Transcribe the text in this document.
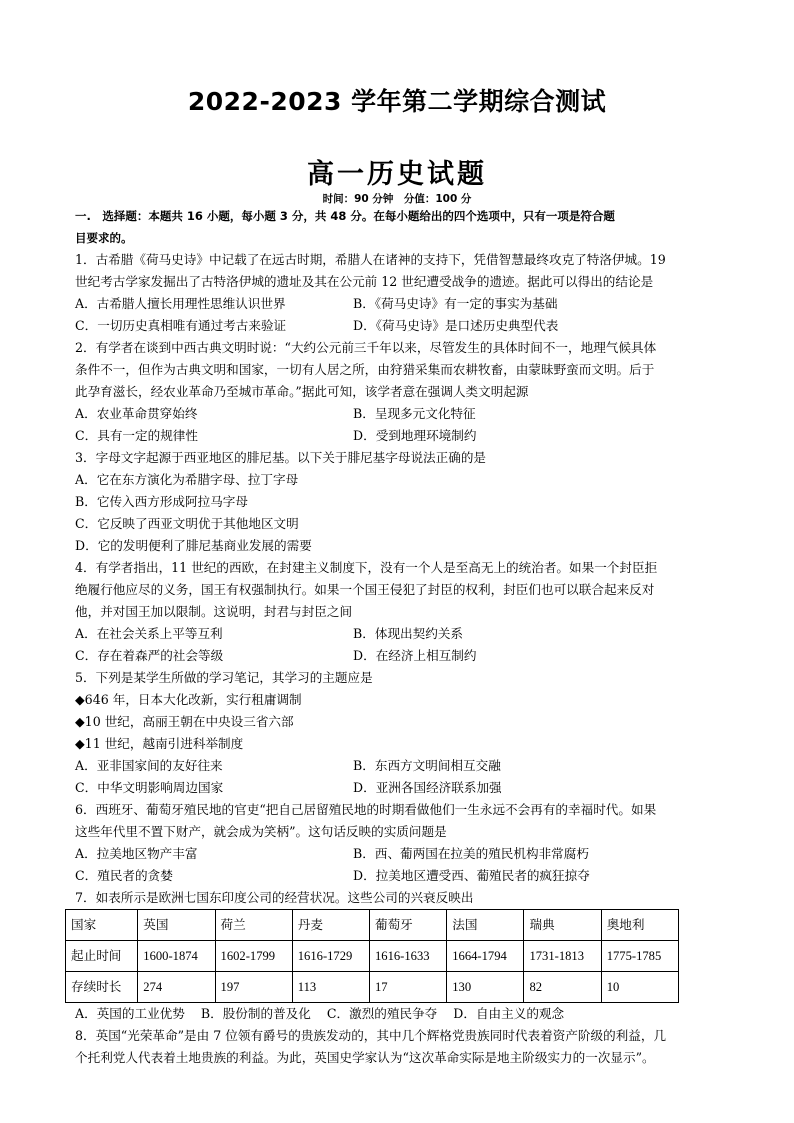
2022-2023 学年第二学期综合测试
高一历史试题
时间：90 分钟　分值：100 分
一.　选择题：本题共 16 小题，每小题 3 分，共 48 分。在每小题给出的四个选项中，只有一项是符合题
目要求的。
1．古希腊《荷马史诗》中记载了在远古时期，希腊人在诸神的支持下，凭借智慧最终攻克了特洛伊城。19
世纪考古学家发掘出了古特洛伊城的遗址及其在公元前 12 世纪遭受战争的遗迹。据此可以得出的结论是
A．古希腊人擅长用理性思维认识世界	B．《荷马史诗》有一定的事实为基础
C．一切历史真相唯有通过考古来验证	D．《荷马史诗》是口述历史典型代表
2．有学者在谈到中西古典文明时说：“大约公元前三千年以来，尽管发生的具体时间不一，地理气候具体
条件不一，但作为古典文明和国家，一切有人居之所，由狩猎采集而农耕牧畜，由蒙昧野蛮而文明。后于
此孕育滋长，经农业革命乃至城市革命。”据此可知，该学者意在强调人类文明起源
A．农业革命贯穿始终	B．呈现多元文化特征
C．具有一定的规律性	D．受到地理环境制约
3．字母文字起源于西亚地区的腓尼基。以下关于腓尼基字母说法正确的是
A．它在东方演化为希腊字母、拉丁字母
B．它传入西方形成阿拉马字母
C．它反映了西亚文明优于其他地区文明
D．它的发明便利了腓尼基商业发展的需要
4．有学者指出，11 世纪的西欧，在封建主义制度下，没有一个人是至高无上的统治者。如果一个封臣拒
绝履行他应尽的义务，国王有权强制执行。如果一个国王侵犯了封臣的权利，封臣们也可以联合起来反对
他，并对国王加以限制。这说明，封君与封臣之间
A．在社会关系上平等互利	B．体现出契约关系
C．存在着森严的社会等级	D．在经济上相互制约
5．下列是某学生所做的学习笔记，其学习的主题应是
◆646 年，日本大化改新，实行租庸调制
◆10 世纪，高丽王朝在中央设三省六部
◆11 世纪，越南引进科举制度
A．亚非国家间的友好往来	B．东西方文明间相互交融
C．中华文明影响周边国家	D．亚洲各国经济联系加强
6．西班牙、葡萄牙殖民地的官吏“把自己居留殖民地的时期看做他们一生永远不会再有的幸福时代。如果
这些年代里不置下财产，就会成为笑柄”。这句话反映的实质问题是
A．拉美地区物产丰富	B．西、葡两国在拉美的殖民机构非常腐朽
C．殖民者的贪婪	D．拉美地区遭受西、葡殖民者的疯狂掠夺
7．如表所示是欧洲七国东印度公司的经营状况。这些公司的兴衰反映出
国家	英国	荷兰	丹麦	葡萄牙	法国	瑞典	奥地利
起止时间	1600-1874	1602-1799	1616-1729	1616-1633	1664-1794	1731-1813	1775-1785
存续时长	274	197	113	17	130	82	10
A．英国的工业优势 B．股份制的普及化 C．激烈的殖民争夺 D．自由主义的观念
8．英国“光荣革命”是由 7 位领有爵号的贵族发动的，其中几个辉格党贵族同时代表着资产阶级的利益，几
个托利党人代表着土地贵族的利益。为此，英国史学家认为“这次革命实际是地主阶级实力的一次显示”。
